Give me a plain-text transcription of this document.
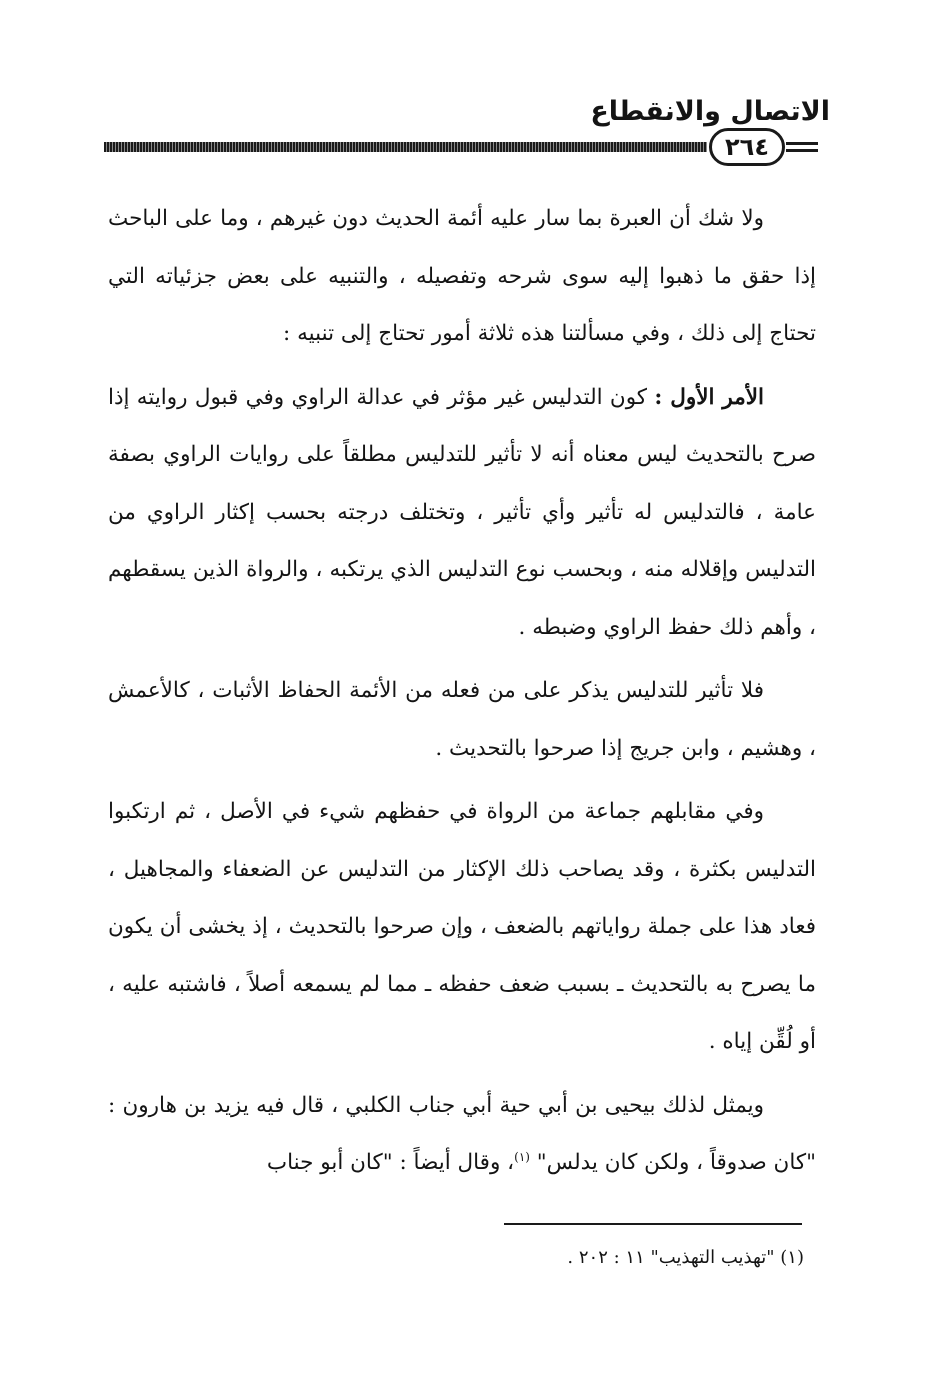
الاتصال والانقطاع
٢٦٤

ولا شك أن العبرة بما سار عليه أئمة الحديث دون غيرهم ، وما على الباحث إذا حقق ما ذهبوا إليه سوى شرحه وتفصيله ، والتنبيه على بعض جزئياته التي تحتاج إلى ذلك ، وفي مسألتنا هذه ثلاثة أمور تحتاج إلى تنبيه :

الأمر الأول : كون التدليس غير مؤثر في عدالة الراوي وفي قبول روايته إذا صرح بالتحديث ليس معناه أنه لا تأثير للتدليس مطلقاً على روايات الراوي بصفة عامة ، فالتدليس له تأثير وأي تأثير ، وتختلف درجته بحسب إكثار الراوي من التدليس وإقلاله منه ، وبحسب نوع التدليس الذي يرتكبه ، والرواة الذين يسقطهم ، وأهم ذلك حفظ الراوي وضبطه .

فلا تأثير للتدليس يذكر على من فعله من الأئمة الحفاظ الأثبات ، كالأعمش ، وهشيم ، وابن جريج إذا صرحوا بالتحديث .

وفي مقابلهم جماعة من الرواة في حفظهم شيء في الأصل ، ثم ارتكبوا التدليس بكثرة ، وقد يصاحب ذلك الإكثار من التدليس عن الضعفاء والمجاهيل ، فعاد هذا على جملة رواياتهم بالضعف ، وإن صرحوا بالتحديث ، إذ يخشى أن يكون ما يصرح به بالتحديث ـ بسبب ضعف حفظه ـ مما لم يسمعه أصلاً ، فاشتبه عليه ، أو لُقِّن إياه .

ويمثل لذلك بيحيى بن أبي حية أبي جناب الكلبي ، قال فيه يزيد بن هارون : "كان صدوقاً ، ولكن كان يدلس" $^{(١)}$، وقال أيضاً : "كان أبو جناب

(١) "تهذيب التهذيب" ١١ : ٢٠٢ .
